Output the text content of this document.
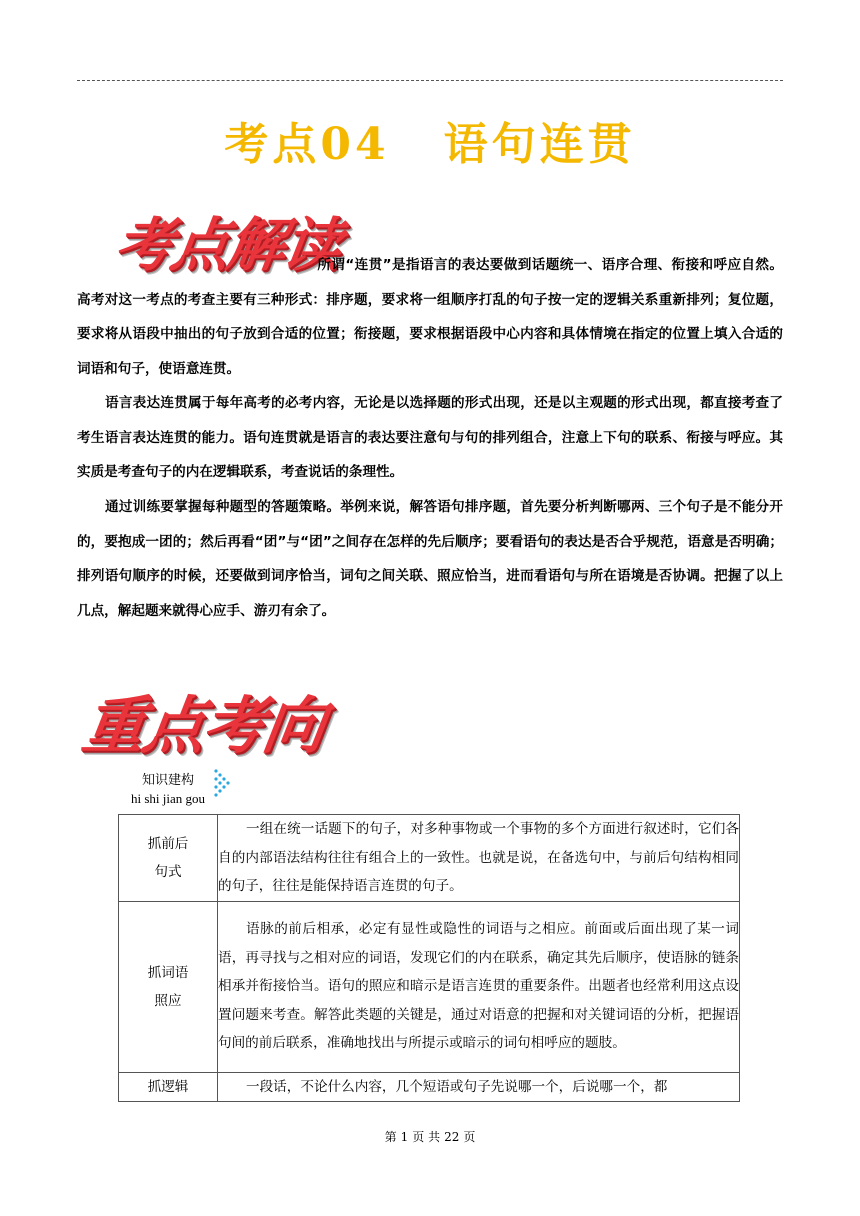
考点04 语句连贯
考点解读

所谓“连贯”是指语言的表达要做到话题统一、语序合理、衔接和呼应自然。高考对这一考点的考查主要有三种形式：排序题，要求将一组顺序打乱的句子按一定的逻辑关系重新排列；复位题，要求将从语段中抽出的句子放到合适的位置；衔接题，要求根据语段中心内容和具体情境在指定的位置上填入合适的词语和句子，使语意连贯。

语言表达连贯属于每年高考的必考内容，无论是以选择题的形式出现，还是以主观题的形式出现，都直接考查了考生语言表达连贯的能力。语句连贯就是语言的表达要注意句与句的排列组合，注意上下句的联系、衔接与呼应。其实质是考查句子的内在逻辑联系，考查说话的条理性。

通过训练要掌握每种题型的答题策略。举例来说，解答语句排序题，首先要分析判断哪两、三个句子是不能分开的，要抱成一团的；然后再看“团”与“团”之间存在怎样的先后顺序；要看语句的表达是否合乎规范，语意是否明确；排列语句顺序的时候，还要做到词序恰当，词句之间关联、照应恰当，进而看语句与所在语境是否协调。把握了以上几点，解起题来就得心应手、游刃有余了。

重点考向
知识建构
hi shi jian gou
抓前后
句式	一组在统一话题下的句子，对多种事物或一个事物的多个方面进行叙述时，它们各自的内部语法结构往往有组合上的一致性。也就是说，在备选句中，与前后句结构相同的句子，往往是能保持语言连贯的句子。
抓词语
照应	语脉的前后相承，必定有显性或隐性的词语与之相应。前面或后面出现了某一词语，再寻找与之相对应的词语，发现它们的内在联系，确定其先后顺序，使语脉的链条相承并衔接恰当。语句的照应和暗示是语言连贯的重要条件。出题者也经常利用这点设置问题来考查。解答此类题的关键是，通过对语意的把握和对关键词语的分析，把握语句间的前后联系，准确地找出与所提示或暗示的词句相呼应的题肢。
抓逻辑	一段话，不论什么内容，几个短语或句子先说哪一个，后说哪一个，都
第 1 页 共 22 页
